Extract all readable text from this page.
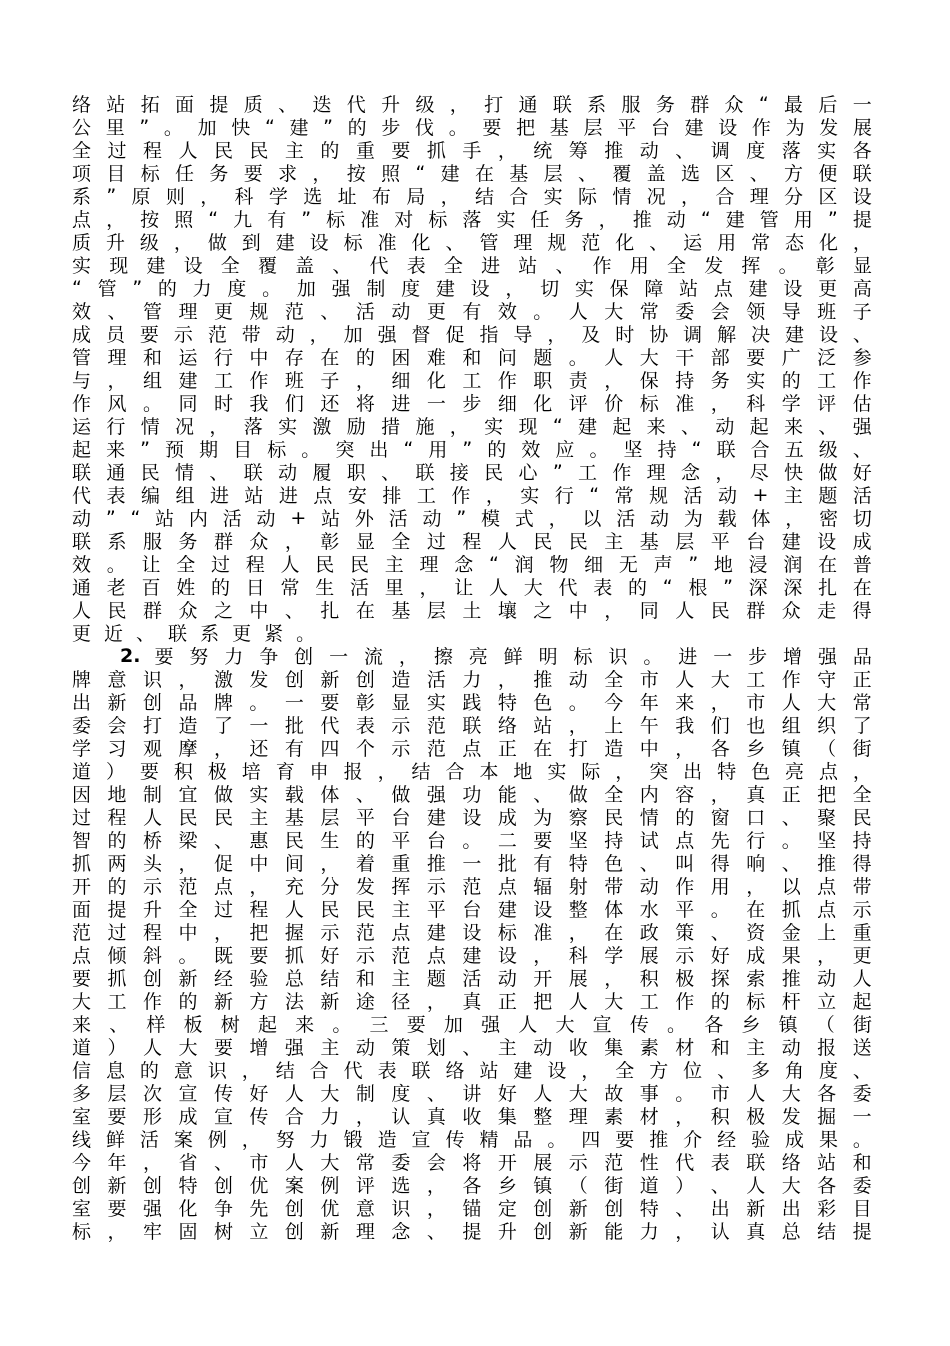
络 站 拓 面 提 质 、 迭 代 升 级 ， 打 通 联 系 服 务 群 众 “ 最 后 一
公 里 ” 。 加 快 “ 建 ” 的 步 伐 。 要 把 基 层 平 台 建 设 作 为 发 展
全 过 程 人 民 民 主 的 重 要 抓 手 ， 统 筹 推 动 、 调 度 落 实 各
项 目 标 任 务 要 求 ， 按 照 “ 建 在 基 层 、 覆 盖 选 区 、 方 便 联
系 ” 原 则 ， 科 学 选 址 布 局 ， 结 合 实 际 情 况 ， 合 理 分 区 设
点 ， 按 照 “ 九 有 ” 标 准 对 标 落 实 任 务 ， 推 动 “ 建 管 用 ” 提
质 升 级 ， 做 到 建 设 标 准 化 、 管 理 规 范 化 、 运 用 常 态 化 ，
实 现 建 设 全 覆 盖 、 代 表 全 进 站 、 作 用 全 发 挥 。 彰 显
“ 管 ” 的 力 度 。 加 强 制 度 建 设 ， 切 实 保 障 站 点 建 设 更 高
效 、 管 理 更 规 范 、 活 动 更 有 效 。 人 大 常 委 会 领 导 班 子
成 员 要 示 范 带 动 ， 加 强 督 促 指 导 ， 及 时 协 调 解 决 建 设 、
管 理 和 运 行 中 存 在 的 困 难 和 问 题 。 人 大 干 部 要 广 泛 参
与 ， 组 建 工 作 班 子 ， 细 化 工 作 职 责 ， 保 持 务 实 的 工 作
作 风 。 同 时 我 们 还 将 进 一 步 细 化 评 价 标 准 ， 科 学 评 估
运 行 情 况 ， 落 实 激 励 措 施 ， 实 现 “ 建 起 来 、 动 起 来 、 强
起 来 ” 预 期 目 标 。 突 出 “ 用 ” 的 效 应 。 坚 持 “ 联 合 五 级 、
联 通 民 情 、 联 动 履 职 、 联 接 民 心 ” 工 作 理 念 ， 尽 快 做 好
代 表 编 组 进 站 进 点 安 排 工 作 ， 实 行 “ 常 规 活 动 + 主 题 活
动 ” “ 站 内 活 动 + 站 外 活 动 ” 模 式 ， 以 活 动 为 载 体 ， 密 切
联 系 服 务 群 众 ， 彰 显 全 过 程 人 民 民 主 基 层 平 台 建 设 成
效 。 让 全 过 程 人 民 民 主 理 念 “ 润 物 细 无 声 ” 地 浸 润 在 普
通 老 百 姓 的 日 常 生 活 里 ， 让 人 大 代 表 的 “ 根 ” 深 深 扎 在
人 民 群 众 之 中 、 扎 在 基 层 土 壤 之 中 ， 同 人 民 群 众 走 得
更 近 、 联 系 更 紧 。
2. 要 努 力 争 创 一 流 ， 擦 亮 鲜 明 标 识 。 进 一 步 增 强 品
牌 意 识 ， 激 发 创 新 创 造 活 力 ， 推 动 全 市 人 大 工 作 守 正
出 新 创 品 牌 。 一 要 彰 显 实 践 特 色 。 今 年 来 ， 市 人 大 常
委 会 打 造 了 一 批 代 表 示 范 联 络 站 ， 上 午 我 们 也 组 织 了
学 习 观 摩 ， 还 有 四 个 示 范 点 正 在 打 造 中 ， 各 乡 镇 （ 街
道 ） 要 积 极 培 育 申 报 ， 结 合 本 地 实 际 ， 突 出 特 色 亮 点 ，
因 地 制 宜 做 实 载 体 、 做 强 功 能 、 做 全 内 容 ， 真 正 把 全
过 程 人 民 民 主 基 层 平 台 建 设 成 为 察 民 情 的 窗 口 、 聚 民
智 的 桥 梁 、 惠 民 生 的 平 台 。 二 要 坚 持 试 点 先 行 。 坚 持
抓 两 头 ， 促 中 间 ， 着 重 推 一 批 有 特 色 、 叫 得 响 、 推 得
开 的 示 范 点 ， 充 分 发 挥 示 范 点 辐 射 带 动 作 用 ， 以 点 带
面 提 升 全 过 程 人 民 民 主 平 台 建 设 整 体 水 平 。 在 抓 点 示
范 过 程 中 ， 把 握 示 范 点 建 设 标 准 ， 在 政 策 、 资 金 上 重
点 倾 斜 。 既 要 抓 好 示 范 点 建 设 ， 科 学 展 示 好 成 果 ， 更
要 抓 创 新 经 验 总 结 和 主 题 活 动 开 展 ， 积 极 探 索 推 动 人
大 工 作 的 新 方 法 新 途 径 ， 真 正 把 人 大 工 作 的 标 杆 立 起
来 、 样 板 树 起 来 。 三 要 加 强 人 大 宣 传 。 各 乡 镇 （ 街
道 ） 人 大 要 增 强 主 动 策 划 、 主 动 收 集 素 材 和 主 动 报 送
信 息 的 意 识 ， 结 合 代 表 联 络 站 建 设 ， 全 方 位 、 多 角 度 、
多 层 次 宣 传 好 人 大 制 度 、 讲 好 人 大 故 事 。 市 人 大 各 委
室 要 形 成 宣 传 合 力 ， 认 真 收 集 整 理 素 材 ， 积 极 发 掘 一
线 鲜 活 案 例 ， 努 力 锻 造 宣 传 精 品 。 四 要 推 介 经 验 成 果 。
今 年 ， 省 、 市 人 大 常 委 会 将 开 展 示 范 性 代 表 联 络 站 和
创 新 创 特 创 优 案 例 评 选 ， 各 乡 镇 （ 街 道 ） 、 人 大 各 委
室 要 强 化 争 先 创 优 意 识 ， 锚 定 创 新 创 特 、 出 新 出 彩 目
标 ， 牢 固 树 立 创 新 理 念 、 提 升 创 新 能 力 ， 认 真 总 结 提
